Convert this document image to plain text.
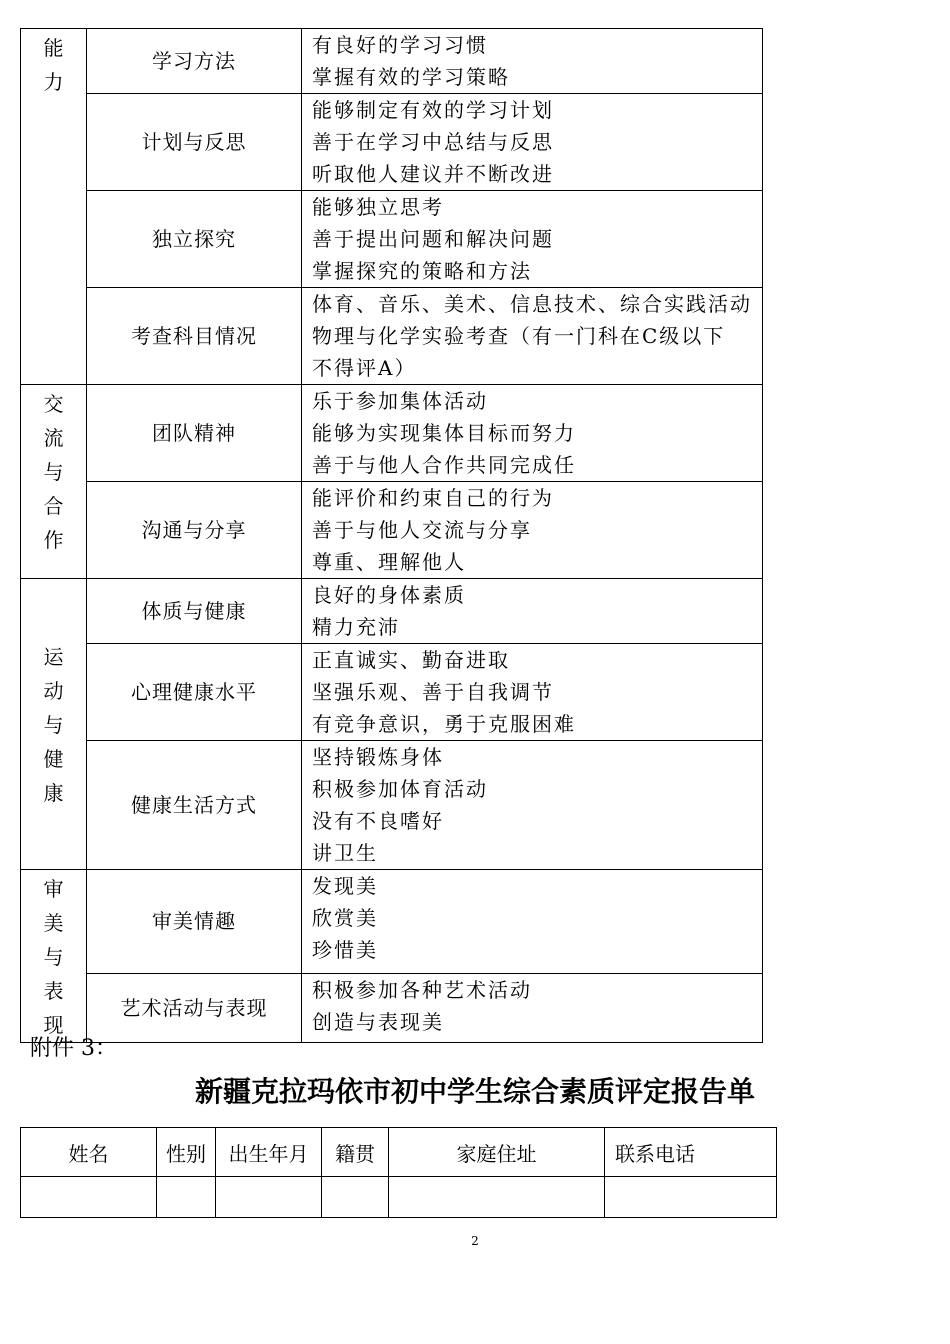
能
力	学习方法	有良好的学习习惯
掌握有效的学习策略

	计划与反思	能够制定有效的学习计划
善于在学习中总结与反思
听取他人建议并不断改进

	独立探究	能够独立思考
善于提出问题和解决问题
掌握探究的策略和方法

	考查科目情况	体育、音乐、美术、信息技术、综合实践活动
物理与化学实验考查（有一门科在C级以下
不得评A）

交
流
与
合
作	团队精神	乐于参加集体活动
能够为实现集体目标而努力
善于与他人合作共同完成任

	沟通与分享	能评价和约束自己的行为
善于与他人交流与分享
尊重、理解他人

运
动
与
健
康	体质与健康	良好的身体素质
精力充沛

	心理健康水平	正直诚实、勤奋进取
坚强乐观、善于自我调节
有竞争意识，勇于克服困难

	健康生活方式	坚持锻炼身体
积极参加体育活动
没有不良嗜好
讲卫生

审
美
与
表
现	审美情趣	发现美
欣赏美
珍惜美

	艺术活动与表现	积极参加各种艺术活动
创造与表现美
附件 3：
新疆克拉玛依市初中学生综合素质评定报告单
姓名	性别	出生年月	籍贯	家庭住址	联系电话

2
